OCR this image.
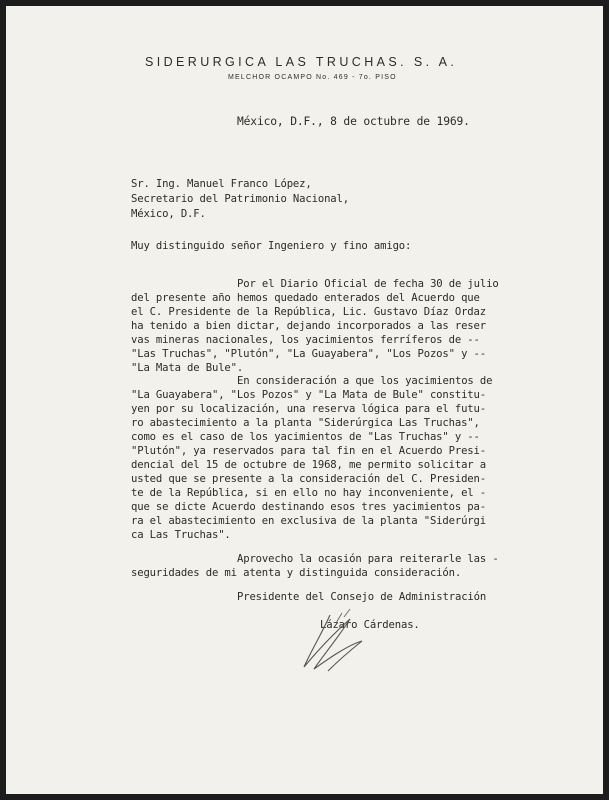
SIDERURGICA LAS TRUCHAS. S. A.
MELCHOR OCAMPO No. 469 - 7o. PISO
México, D.F., 8 de octubre de 1969.
Sr. Ing. Manuel Franco López,
Secretario del Patrimonio Nacional,
México, D.F.
Muy distinguido señor Ingeniero y fino amigo:
Por el Diario Oficial de fecha 30 de julio
del presente año hemos quedado enterados del Acuerdo que
el C. Presidente de la República, Lic. Gustavo Díaz Ordaz
ha tenido a bien dictar, dejando incorporados a las reser
vas mineras nacionales, los yacimientos ferríferos de --
"Las Truchas", "Plutón", "La Guayabera", "Los Pozos" y --
"La Mata de Bule".
En consideración a que los yacimientos de
"La Guayabera", "Los Pozos" y "La Mata de Bule" constitu-
yen por su localización, una reserva lógica para el futu-
ro abastecimiento a la planta "Siderúrgica Las Truchas",
como es el caso de los yacimientos de "Las Truchas" y --
"Plutón", ya reservados para tal fin en el Acuerdo Presi-
dencial del 15 de octubre de 1968, me permito solicitar a
usted que se presente a la consideración del C. Presiden-
te de la República, si en ello no hay inconveniente, el -
que se dicte Acuerdo destinando esos tres yacimientos pa-
ra el abastecimiento en exclusiva de la planta "Siderúrgi
ca Las Truchas".
Aprovecho la ocasión para reiterarle las -
seguridades de mi atenta y distinguida consideración.
Presidente del Consejo de Administración
Lázaro Cárdenas.
